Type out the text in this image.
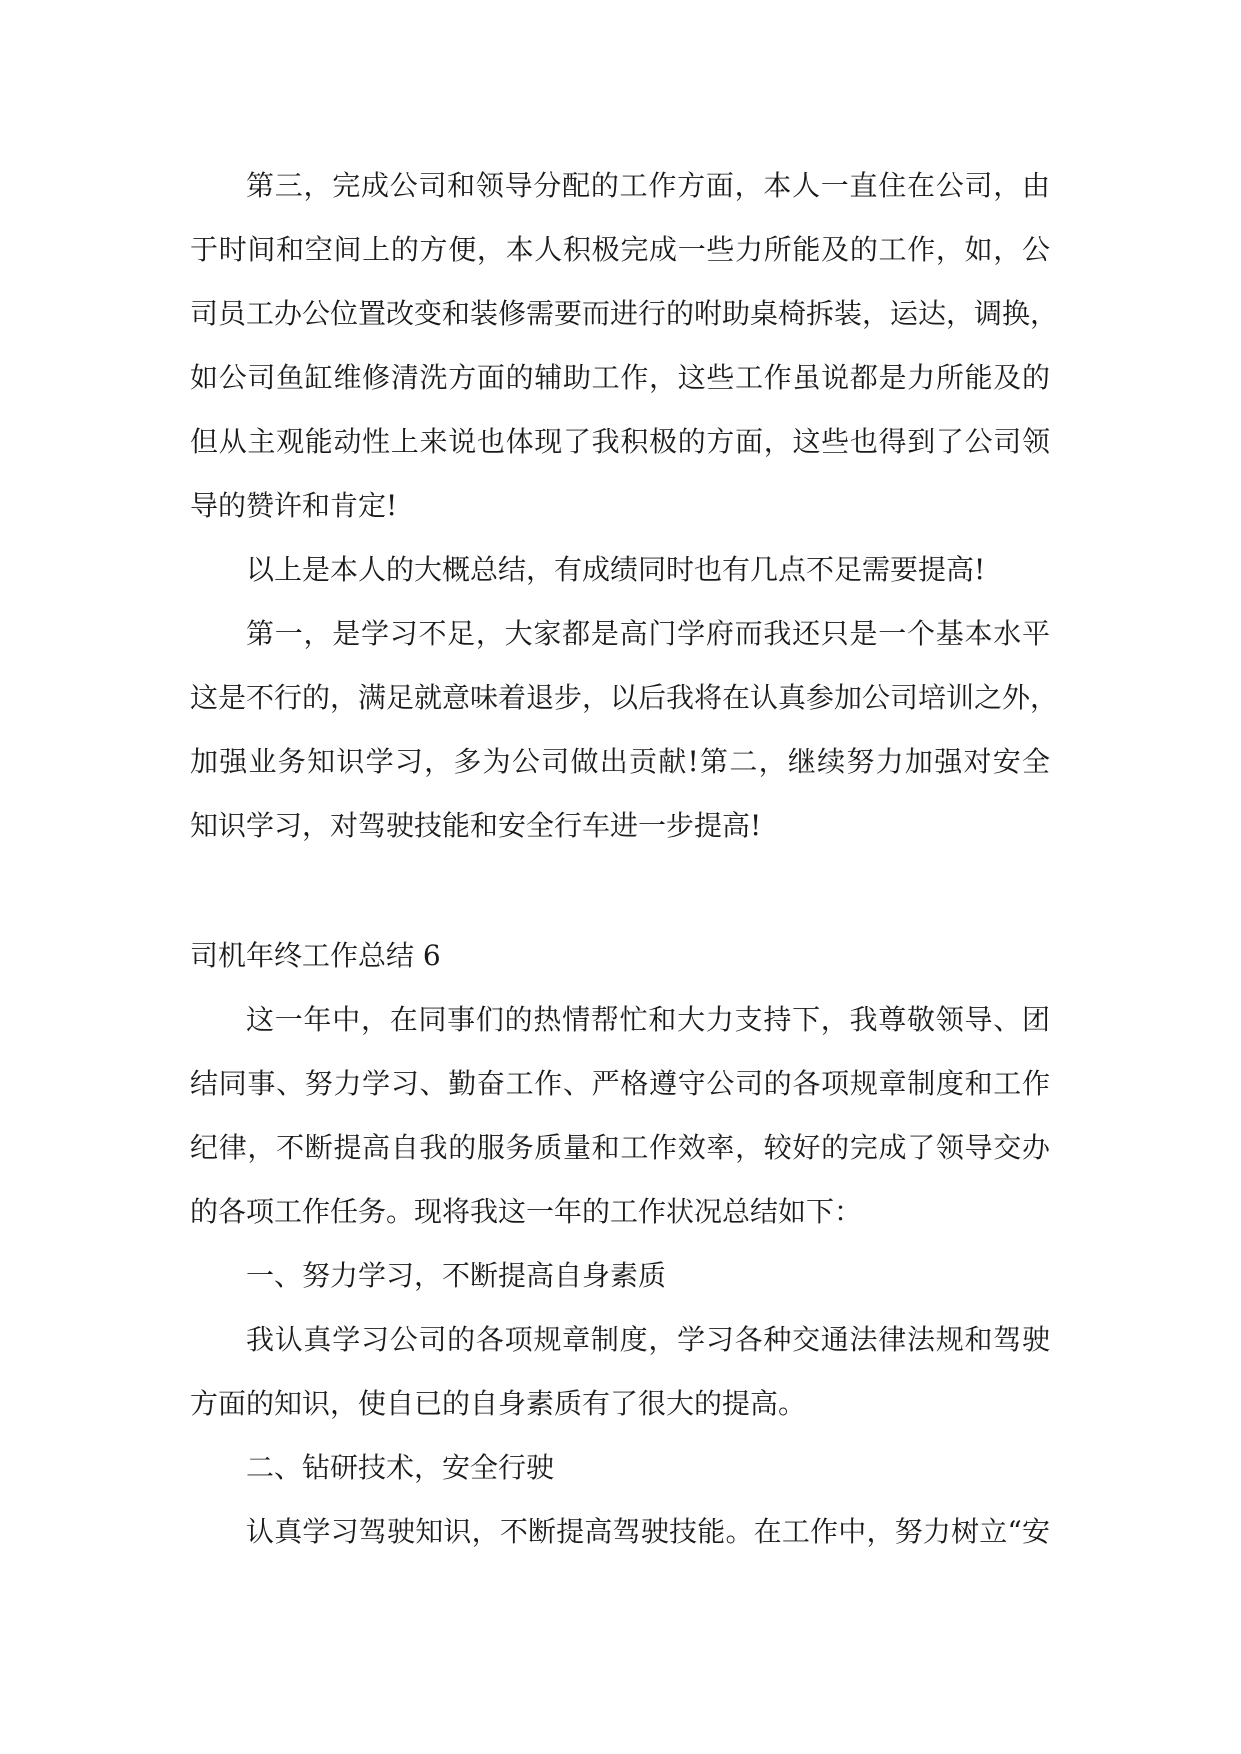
第三，完成公司和领导分配的工作方面，本人一直住在公司，由
于时间和空间上的方便，本人积极完成一些力所能及的工作，如，公
司员工办公位置改变和装修需要而进行的咐助桌椅拆装，运达，调换，
如公司鱼缸维修清洗方面的辅助工作，这些工作虽说都是力所能及的
但从主观能动性上来说也体现了我积极的方面，这些也得到了公司领
导的赞许和肯定!
以上是本人的大概总结，有成绩同时也有几点不足需要提高!
第一，是学习不足，大家都是高门学府而我还只是一个基本水平
这是不行的，满足就意味着退步，以后我将在认真参加公司培训之外，
加强业务知识学习，多为公司做出贡献!第二，继续努力加强对安全
知识学习，对驾驶技能和安全行车进一步提高!
司机年终工作总结 6
这一年中，在同事们的热情帮忙和大力支持下，我尊敬领导、团
结同事、努力学习、勤奋工作、严格遵守公司的各项规章制度和工作
纪律，不断提高自我的服务质量和工作效率，较好的完成了领导交办
的各项工作任务。现将我这一年的工作状况总结如下：
一、努力学习，不断提高自身素质
我认真学习公司的各项规章制度，学习各种交通法律法规和驾驶
方面的知识，使自已的自身素质有了很大的提高。
二、钻研技术，安全行驶
认真学习驾驶知识，不断提高驾驶技能。在工作中，努力树立“安
